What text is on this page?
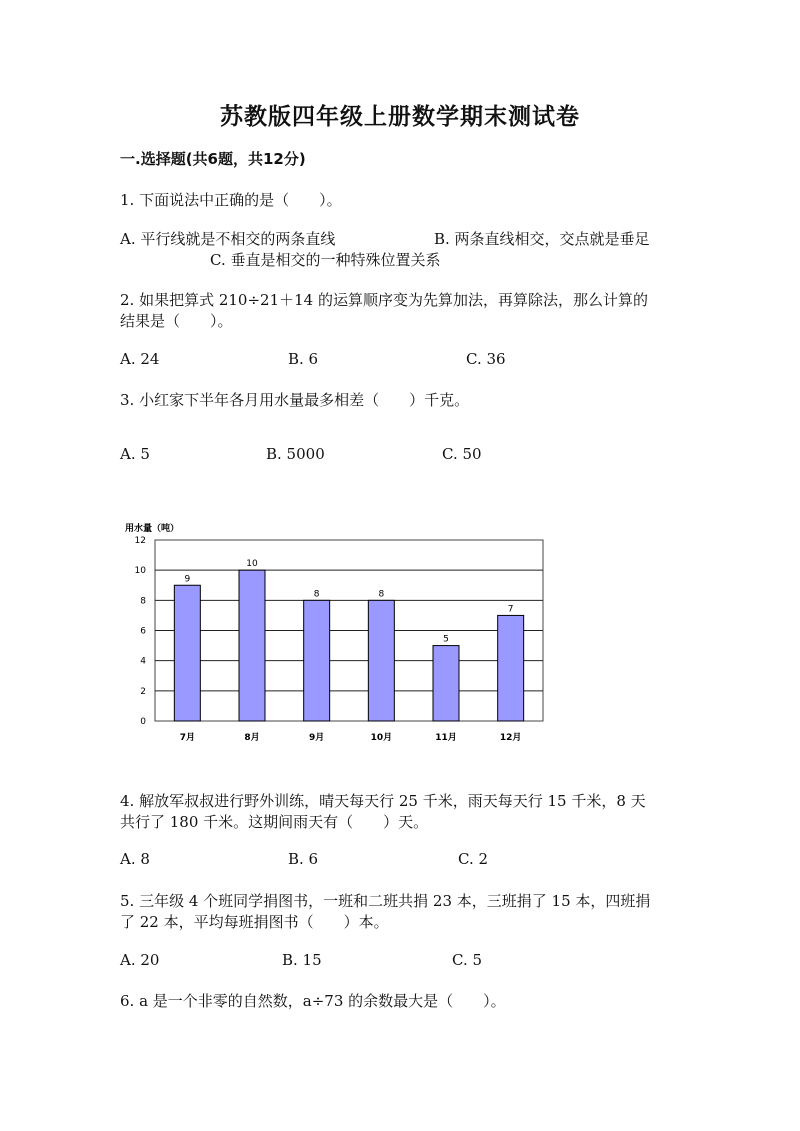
苏教版四年级上册数学期末测试卷
一.选择题(共6题，共12分)
1. 下面说法中正确的是（　　）。
A. 平行线就是不相交的两条直线	B. 两条直线相交，交点就是垂足
C. 垂直是相交的一种特殊位置关系
2. 如果把算式 210÷21＋14 的运算顺序变为先算加法，再算除法，那么计算的
结果是（　　）。
A. 24	B. 6	C. 36
3. 小红家下半年各月用水量最多相差（　　）千克。
A. 5	B. 5000	C. 50
0
2
4
6
8
10
12
用水量（吨）
9
7月
10
8月
8
9月
8
10月
5
11月
7
12月
4. 解放军叔叔进行野外训练，晴天每天行 25 千米，雨天每天行 15 千米，8 天
共行了 180 千米。这期间雨天有（　　）天。
A. 8	B. 6	C. 2
5. 三年级 4 个班同学捐图书，一班和二班共捐 23 本，三班捐了 15 本，四班捐
了 22 本，平均每班捐图书（　　）本。
A. 20	B. 15	C. 5
6. a 是一个非零的自然数，a÷73 的余数最大是（　　）。
